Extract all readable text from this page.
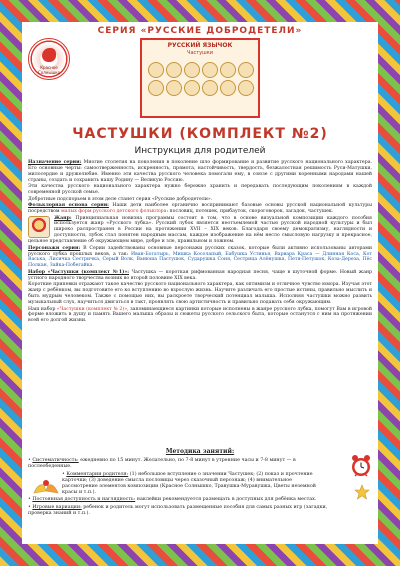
СЕРИЯ «РУССКИЕ ДОБРОДЕТЕЛИ»
Красное Солнышко
РУССКИЙ ЯЗЫЧОК
Частушки
ЧАСТУШКИ (КОМПЛЕКТ №2)
Инструкция для родителей

Назначение серии: Многие столетия на поколения в поколение шло формирование и развитие русского национального характера. Его основные черты: самоотверженность, искренность, прямота, настойчивость, твердость, безжалостная решимость Руси-Матушки, милосердие и дружелюбие. Именно эти качества русского человека помогали ему, в союзе с другими коренными народами нашей страны, создать и сохранить нашу Родину — Великую Россию.

Эти качества русского национального характера нужно бережно хранить и передавать последующим поколениям в каждой современной русской семье.

Добротные подспорьем в этом деле станет серия «Русские добродетели».

Фольклорная основа серии: Наши дети наиболее органично воспринимают базовые основы русской национальной культуры посредством малых форм русского детского фольклора: пословиц, потешек, прибауток, скороговорок, загадок, частушек.

Жанр: Принципиальная новизна программы состоит в том, что в основе визуальной композиции каждого пособия используется жанр «Русского лубка». Русский лубок является неотъемлемой частью русской народной культуры и был широко распространен в России на протяжении XVII – XIX веков. Благодаря своему демократизму, наглядности и доступности, лубок стал понятен народным массам, каждое изображение на нём несло смысловую нагрузку и прекрасное, цельное представление об окружающем мире, добре и зле, правильном и ложном.

Персонажи серии: В Серии задействованы основные персонажи русских сказок, которые были активно использованы авторами русского лубка прошлых веков, а так: Иван-Богатырь, Мишка Косолапый, Бабушка Устинья, Варвара Краса — Длинная Коса, Кот Васька, Лисичка Сестричка, Серый Волк, Ванюша Пастушок, Сударушка Соня, Сестрица Алёнушка, Петя-Петушок, Коза-Дереза, Пёс Полкан, Зайка-Побегайка.

Набор «Частушки (комплект №1)»: Частушка — короткая рифмованная народная песня, чаще в шуточной форме. Новый жанр устного народного творчества возник во второй половине XIX века.

Короткие припевки отражают такое качество русского национального характера, как оптимизм и отличное чувство юмора. Изучая этот жанр с ребёнком, вы подготовите его ко вступлению во взрослую жизнь. Научите различать его простые истины, правильно мыслить и быть мудрым человеком. Также с помощью них, вы раскроете творческий потенциал малыша. Исполняя частушки можно развить музыкальный слух, научиться двигаться в такт, проявлять свою артистичность и правильно подавать себя окружающим.

Наш набор «Частушки (комплект № 2)», запоминающиеся картинки которые исполнены в жанре русского лубка, помогут Вам в игровой форме вложить в душу и память Вашего малыша образы и сюжеты русского сельского быта, которые останутся с ним на протяжении всей его долгой жизни.

Методика занятий:

• Систематичность: ежедневно по 15 минут. Желательно, по 7-8 минут в утренние часы и 7-8 минут — в послеобеденные.

• Комментарии родителя: (1) небольшое вступление о значении Частушек; (2) показ и прочтение карточки; (3) доведение смысла пословицы через сказочный персонаж; (4) внимательное рассмотрение элементов композиции (Красное Солнышко, Травушка-Муравушка, Цветы неземной красы и т.п.).

• Постоянная доступность и наглядность: наклейки рекомендуется размещать в доступных для ребёнка местах.

• Игровые вариации: ребенок и родитель могут использовать размещенные пособия для самых разных игр (загадки, проверка знаний и т.п.).
